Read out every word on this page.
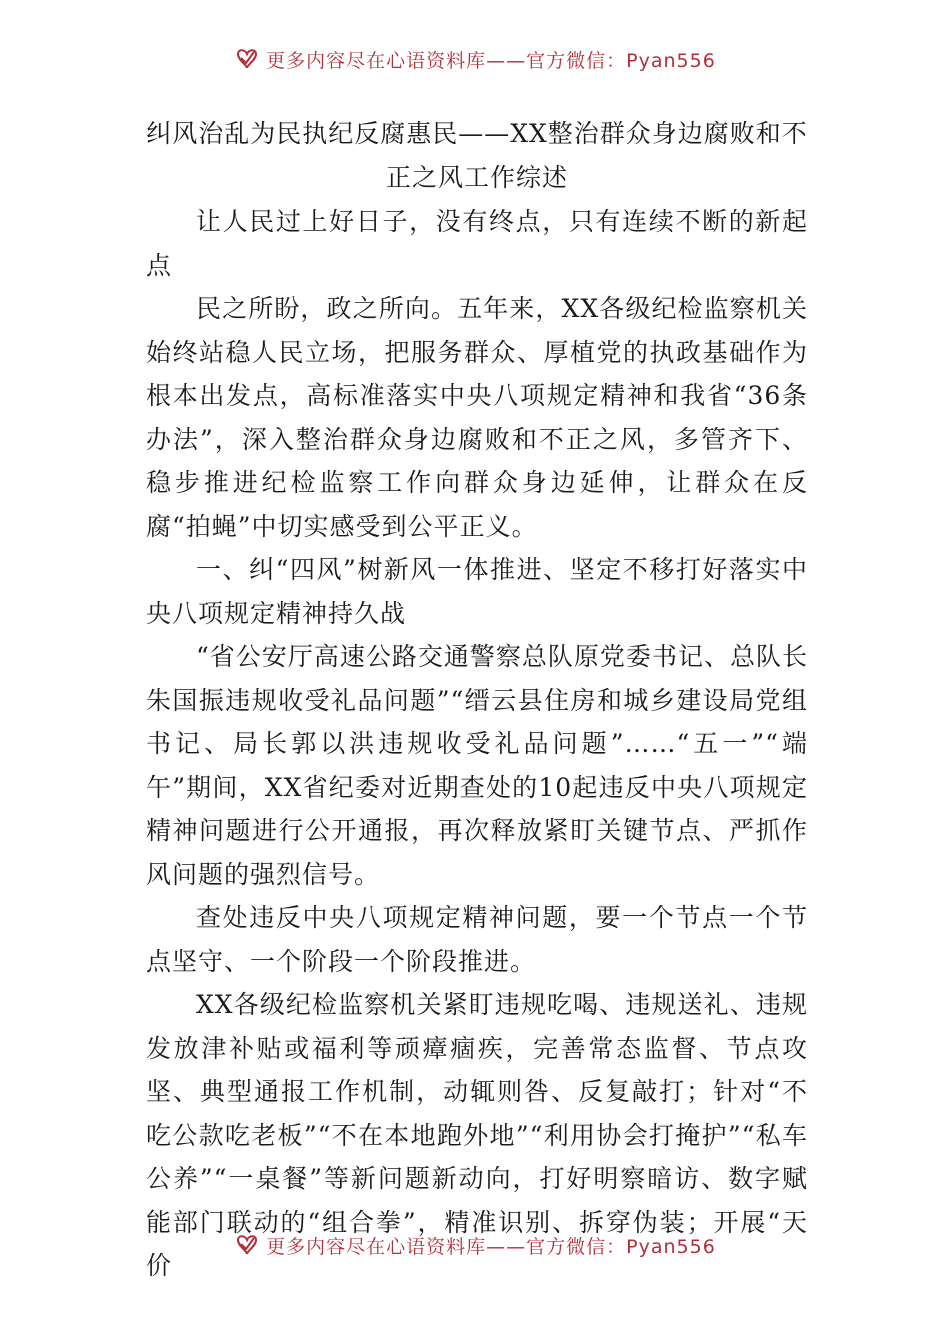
更多内容尽在心语资料库——官方微信：Pyan556
纠风治乱为民执纪反腐惠民——XX整治群众身边腐败和不正之风工作综述

让人民过上好日子，没有终点，只有连续不断的新起点

民之所盼，政之所向。五年来，XX各级纪检监察机关始终站稳人民立场，把服务群众、厚植党的执政基础作为根本出发点，高标准落实中央八项规定精神和我省“36条办法”，深入整治群众身边腐败和不正之风，多管齐下、稳步推进纪检监察工作向群众身边延伸，让群众在反腐“拍蝇”中切实感受到公平正义。

一、纠“四风”树新风一体推进、坚定不移打好落实中央八项规定精神持久战

“省公安厅高速公路交通警察总队原党委书记、总队长朱国振违规收受礼品问题”“缙云县住房和城乡建设局党组书记、局长郭以洪违规收受礼品问题”……“五一”“端午”期间，XX省纪委对近期查处的10起违反中央八项规定精神问题进行公开通报，再次释放紧盯关键节点、严抓作风问题的强烈信号。

查处违反中央八项规定精神问题，要一个节点一个节点坚守、一个阶段一个阶段推进。

XX各级纪检监察机关紧盯违规吃喝、违规送礼、违规发放津补贴或福利等顽瘴痼疾，完善常态监督、节点攻坚、典型通报工作机制，动辄则咎、反复敲打；针对“不吃公款吃老板”“不在本地跑外地”“利用协会打掩护”“私车公养”“一桌餐”等新问题新动向，打好明察暗访、数字赋能部门联动的“组合拳”，精准识别、拆穿伪装；开展“天价

更多内容尽在心语资料库——官方微信：Pyan556
